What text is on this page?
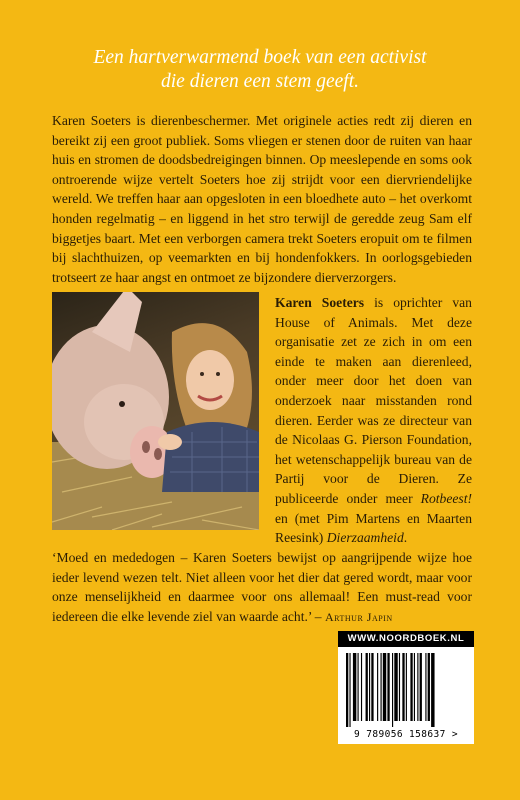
Een hartverwarmend boek van een activist
die dieren een stem geeft.
Karen Soeters is dierenbeschermer. Met originele acties redt zij dieren en bereikt zij een groot publiek. Soms vliegen er stenen door de ruiten van haar huis en stromen de doodsbedreigingen binnen. Op meeslepende en soms ook ontroerende wijze vertelt Soeters hoe zij strijdt voor een diervriendelijke wereld. We treffen haar aan opgesloten in een bloedhete auto – het overkomt honden regelmatig – en liggend in het stro terwijl de geredde zeug Sam elf biggetjes baart. Met een verborgen camera trekt Soeters eropuit om te filmen bij slachthuizen, op veemarkten en bij hondenfokkers. In oorlogsgebieden trotseert ze haar angst en ontmoet ze bijzondere dierverzorgers.
Karen Soeters is oprichter van House of Animals. Met deze organisatie zet ze zich in om een einde te maken aan dierenleed, onder meer door het doen van onderzoek naar misstanden rond dieren. Eerder was ze directeur van de Nicolaas G. Pierson Foundation, het wetenschappelijk bureau van de Partij voor de Dieren. Ze publiceerde onder meer Rotbeest! en (met Pim Martens en Maarten Reesink) Dierzaamheid.
‘Moed en mededogen – Karen Soeters bewijst op aangrijpende wijze hoe ieder levend wezen telt. Niet alleen voor het dier dat gered wordt, maar voor onze menselijkheid en daarmee voor ons allemaal! Een must-read voor iedereen die elke levende ziel van waarde acht.’ – Arthur Japin
WWW.NOORDBOEK.NL
9 789056 158637 >
